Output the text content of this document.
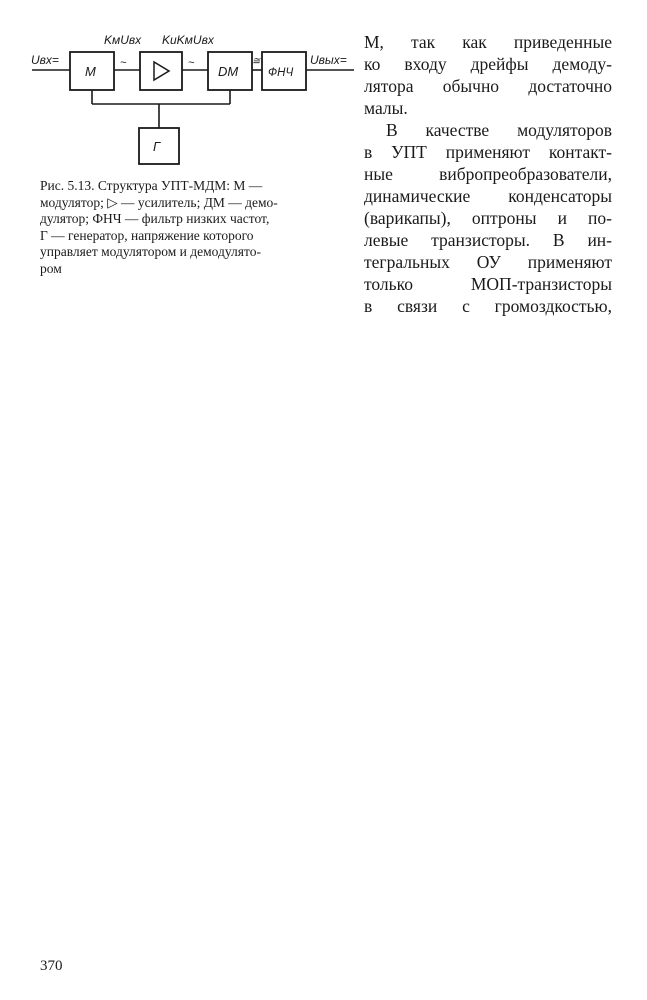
Uвх=
М
~
KмUвх
~
KиKмUвх
DМ
≅
ФНЧ
Uвых=
Г
Рис. 5.13. Структура УПТ-МДМ: М —
модулятор; ▷ — усилитель; ДМ — демо-
дулятор; ФНЧ — фильтр низких частот,
Г — генератор, напряжение которого
управляет модулятором и демодулято-
ром
М, так как приведенные
ко входу дрейфы демоду-
лятора обычно достаточно
малы.
В качестве модуляторов
в УПТ применяют контакт-
ные вибропреобразователи,
динамические конденсаторы
(варикапы), оптроны и по-
левые транзисторы. В ин-
тегральных ОУ применяют
только МОП-транзисторы
в связи с громоздкостью,
370
